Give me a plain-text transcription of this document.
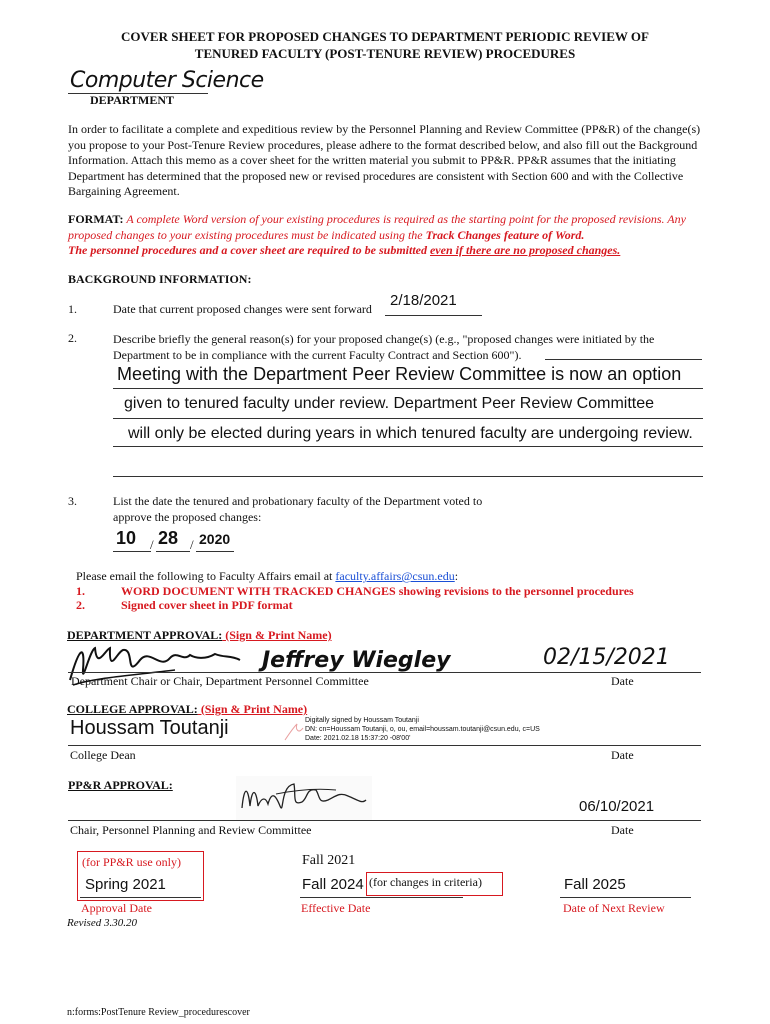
COVER SHEET FOR PROPOSED CHANGES TO DEPARTMENT PERIODIC REVIEW OF
TENURED FACULTY (POST-TENURE REVIEW) PROCEDURES
Computer Science
DEPARTMENT
In order to facilitate a complete and expeditious review by the Personnel Planning and Review Committee (PP&R) of the change(s) you propose to your Post-Tenure Review procedures, please adhere to the format described below, and also fill out the Background Information. Attach this memo as a cover sheet for the written material you submit to PP&R. PP&R assumes that the initiating Department has determined that the proposed new or revised procedures are consistent with Section 600 and with the Collective Bargaining Agreement.
FORMAT: A complete Word version of your existing procedures is required as the starting point for the proposed revisions. Any proposed changes to your existing procedures must be indicated using the Track Changes feature of Word.
The personnel procedures and a cover sheet are required to be submitted even if there are no proposed changes.
BACKGROUND INFORMATION:
1.	Date that current proposed changes were sent forward 2/18/2021
2.	Describe briefly the general reason(s) for your proposed change(s) (e.g., "proposed changes were initiated by the Department to be in compliance with the current Faculty Contract and Section 600").
Meeting with the Department Peer Review Committee is now an option
given to tenured faculty under review. Department Peer Review Committee
will only be elected during years in which tenured faculty are undergoing review.
3.	List the date the tenured and probationary faculty of the Department voted to
approve the proposed changes:
10 / 28 / 2020
Please email the following to Faculty Affairs email at faculty.affairs@csun.edu:
1.	WORD DOCUMENT WITH TRACKED CHANGES showing revisions to the personnel procedures
2.	Signed cover sheet in PDF format
DEPARTMENT APPROVAL: (Sign & Print Name)
Jeffrey Wiegley	02/15/2021
Department Chair or Chair, Department Personnel Committee	Date
COLLEGE APPROVAL: (Sign & Print Name)
Houssam Toutanji	Digitally signed by Houssam Toutanji
DN: cn=Houssam Toutanji, o, ou, email=houssam.toutanji@csun.edu, c=US
Date: 2021.02.18 15:37:20 -08'00'
College Dean	Date
PP&R APPROVAL:
06/10/2021
Chair, Personnel Planning and Review Committee	Date
(for PP&R use only)
Spring 2021
Approval Date
Fall 2021
Fall 2024 (for changes in criteria)
Effective Date
Fall 2025
Date of Next Review
Revised 3.30.20
n:forms:PostTenure Review_procedurescover
